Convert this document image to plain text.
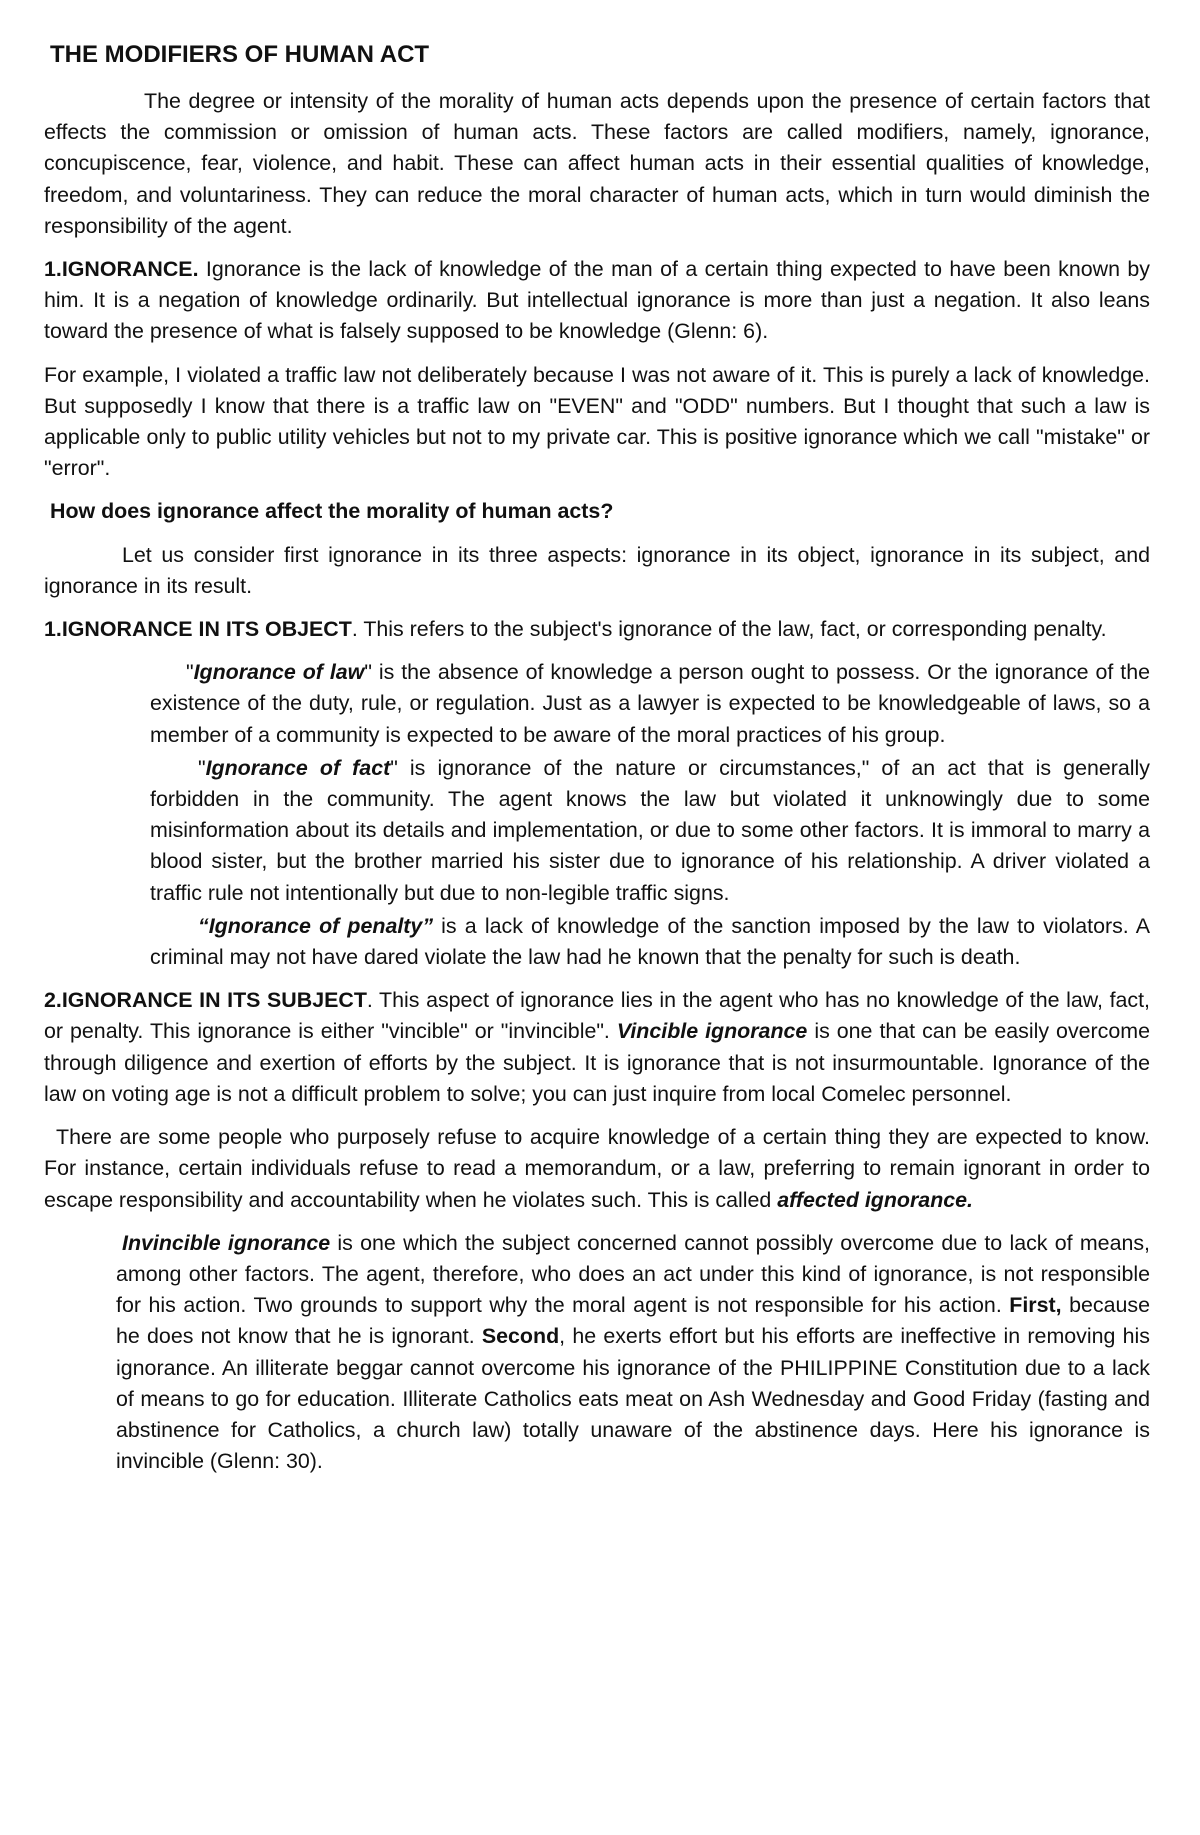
THE MODIFIERS OF HUMAN ACT

The degree or intensity of the morality of human acts depends upon the presence of certain factors that effects the commission or omission of human acts. These factors are called modifiers, namely, ignorance, concupiscence, fear, violence, and habit. These can affect human acts in their essential qualities of knowledge, freedom, and voluntariness. They can reduce the moral character of human acts, which in turn would diminish the responsibility of the agent.

1.IGNORANCE. Ignorance is the lack of knowledge of the man of a certain thing expected to have been known by him. It is a negation of knowledge ordinarily. But intellectual ignorance is more than just a negation. It also leans toward the presence of what is falsely supposed to be knowledge (Glenn: 6).

For example, I violated a traffic law not deliberately because I was not aware of it. This is purely a lack of knowledge. But supposedly I know that there is a traffic law on "EVEN" and "ODD" numbers. But I thought that such a law is applicable only to public utility vehicles but not to my private car. This is positive ignorance which we call "mistake" or "error".

How does ignorance affect the morality of human acts?

Let us consider first ignorance in its three aspects: ignorance in its object, ignorance in its subject, and ignorance in its result.

1.IGNORANCE IN ITS OBJECT. This refers to the subject's ignorance of the law, fact, or corresponding penalty.

"Ignorance of law" is the absence of knowledge a person ought to possess. Or the ignorance of the existence of the duty, rule, or regulation. Just as a lawyer is expected to be knowledgeable of laws, so a member of a community is expected to be aware of the moral practices of his group.

"Ignorance of fact" is ignorance of the nature or circumstances," of an act that is generally forbidden in the community. The agent knows the law but violated it unknowingly due to some misinformation about its details and implementation, or due to some other factors. It is immoral to marry a blood sister, but the brother married his sister due to ignorance of his relationship. A driver violated a traffic rule not intentionally but due to non-legible traffic signs.

“Ignorance of penalty” is a lack of knowledge of the sanction imposed by the law to violators. A criminal may not have dared violate the law had he known that the penalty for such is death.

2.IGNORANCE IN ITS SUBJECT. This aspect of ignorance lies in the agent who has no knowledge of the law, fact, or penalty. This ignorance is either "vincible" or "invincible". Vincible ignorance is one that can be easily overcome through diligence and exertion of efforts by the subject. It is ignorance that is not insurmountable. Ignorance of the law on voting age is not a difficult problem to solve; you can just inquire from local Comelec personnel.

There are some people who purposely refuse to acquire knowledge of a certain thing they are expected to know. For instance, certain individuals refuse to read a memorandum, or a law, preferring to remain ignorant in order to escape responsibility and accountability when he violates such. This is called affected ignorance.

Invincible ignorance is one which the subject concerned cannot possibly overcome due to lack of means, among other factors. The agent, therefore, who does an act under this kind of ignorance, is not responsible for his action. Two grounds to support why the moral agent is not responsible for his action. First, because he does not know that he is ignorant. Second, he exerts effort but his efforts are ineffective in removing his ignorance. An illiterate beggar cannot overcome his ignorance of the PHILIPPINE Constitution due to a lack of means to go for education. Illiterate Catholics eats meat on Ash Wednesday and Good Friday (fasting and abstinence for Catholics, a church law) totally unaware of the abstinence days. Here his ignorance is invincible (Glenn: 30).
